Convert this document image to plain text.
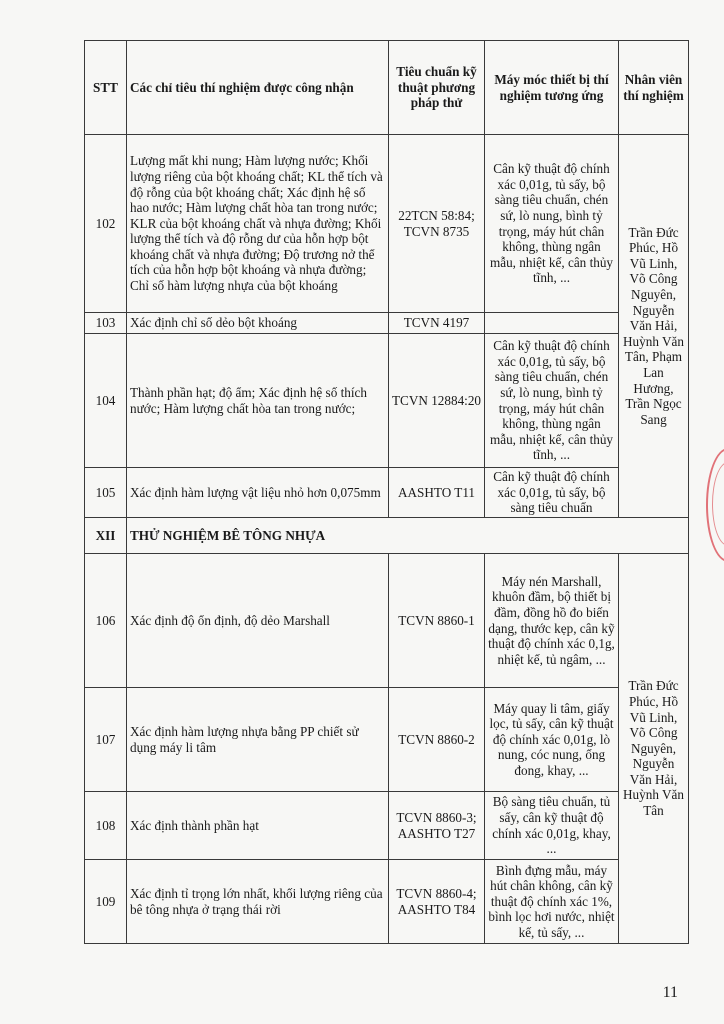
STT	Các chỉ tiêu thí nghiệm được công nhận	Tiêu chuẩn kỹ thuật phương pháp thử	Máy móc thiết bị thí nghiệm tương ứng	Nhân viên thí nghiệm
102	Lượng mất khi nung; Hàm lượng nước; Khối lượng riêng của bột khoáng chất; KL thể tích và độ rỗng của bột khoáng chất; Xác định hệ số hao nước; Hàm lượng chất hòa tan trong nước; KLR của bột khoáng chất và nhựa đường; Khối lượng thể tích và độ rỗng dư của hỗn hợp bột khoáng chất và nhựa đường; Độ trương nở thể tích của hỗn hợp bột khoáng và nhựa đường; Chỉ số hàm lượng nhựa của bột khoáng	22TCN 58:84; TCVN 8735	Cân kỹ thuật độ chính xác 0,01g, tủ sấy, bộ sàng tiêu chuẩn, chén sứ, lò nung, bình tỷ trọng, máy hút chân không, thùng ngân mẫu, nhiệt kế, cân thủy tĩnh, ...	Trần Đức Phúc, Hồ Vũ Linh, Võ Công Nguyên, Nguyễn Văn Hải, Huỳnh Văn Tân, Phạm Lan Hương, Trần Ngọc Sang
103	Xác định chỉ số dẻo bột khoáng	TCVN 4197		
104	Thành phần hạt; độ ẩm; Xác định hệ số thích nước; Hàm lượng chất hòa tan trong nước;	TCVN 12884:20	Cân kỹ thuật độ chính xác 0,01g, tủ sấy, bộ sàng tiêu chuẩn, chén sứ, lò nung, bình tỷ trọng, máy hút chân không, thùng ngân mẫu, nhiệt kế, cân thủy tĩnh, ...	
105	Xác định hàm lượng vật liệu nhỏ hơn 0,075mm	AASHTO T11	Cân kỹ thuật độ chính xác 0,01g, tủ sấy, bộ sàng tiêu chuẩn	
XII	THỬ NGHIỆM BÊ TÔNG NHỰA			
106	Xác định độ ổn định, độ dẻo Marshall	TCVN 8860-1	Máy nén Marshall, khuôn đầm, bộ thiết bị đầm, đồng hồ đo biến dạng, thước kẹp, cân kỹ thuật độ chính xác 0,1g, nhiệt kế, tủ ngâm, ...	Trần Đức Phúc, Hồ Vũ Linh, Võ Công Nguyên, Nguyễn Văn Hải, Huỳnh Văn Tân
107	Xác định hàm lượng nhựa bằng PP chiết sử dụng máy li tâm	TCVN 8860-2	Máy quay li tâm, giấy lọc, tủ sấy, cân kỹ thuật độ chính xác 0,01g, lò nung, cóc nung, ống đong, khay, ...	
108	Xác định thành phần hạt	TCVN 8860-3; AASHTO T27	Bộ sàng tiêu chuẩn, tủ sấy, cân kỹ thuật độ chính xác 0,01g, khay, ...	
109	Xác định tỉ trọng lớn nhất, khối lượng riêng của bê tông nhựa ở trạng thái rời	TCVN 8860-4; AASHTO T84	Bình đựng mẫu, máy hút chân không, cân kỹ thuật độ chính xác 1%, bình lọc hơi nước, nhiệt kế, tủ sấy, ...	
11
